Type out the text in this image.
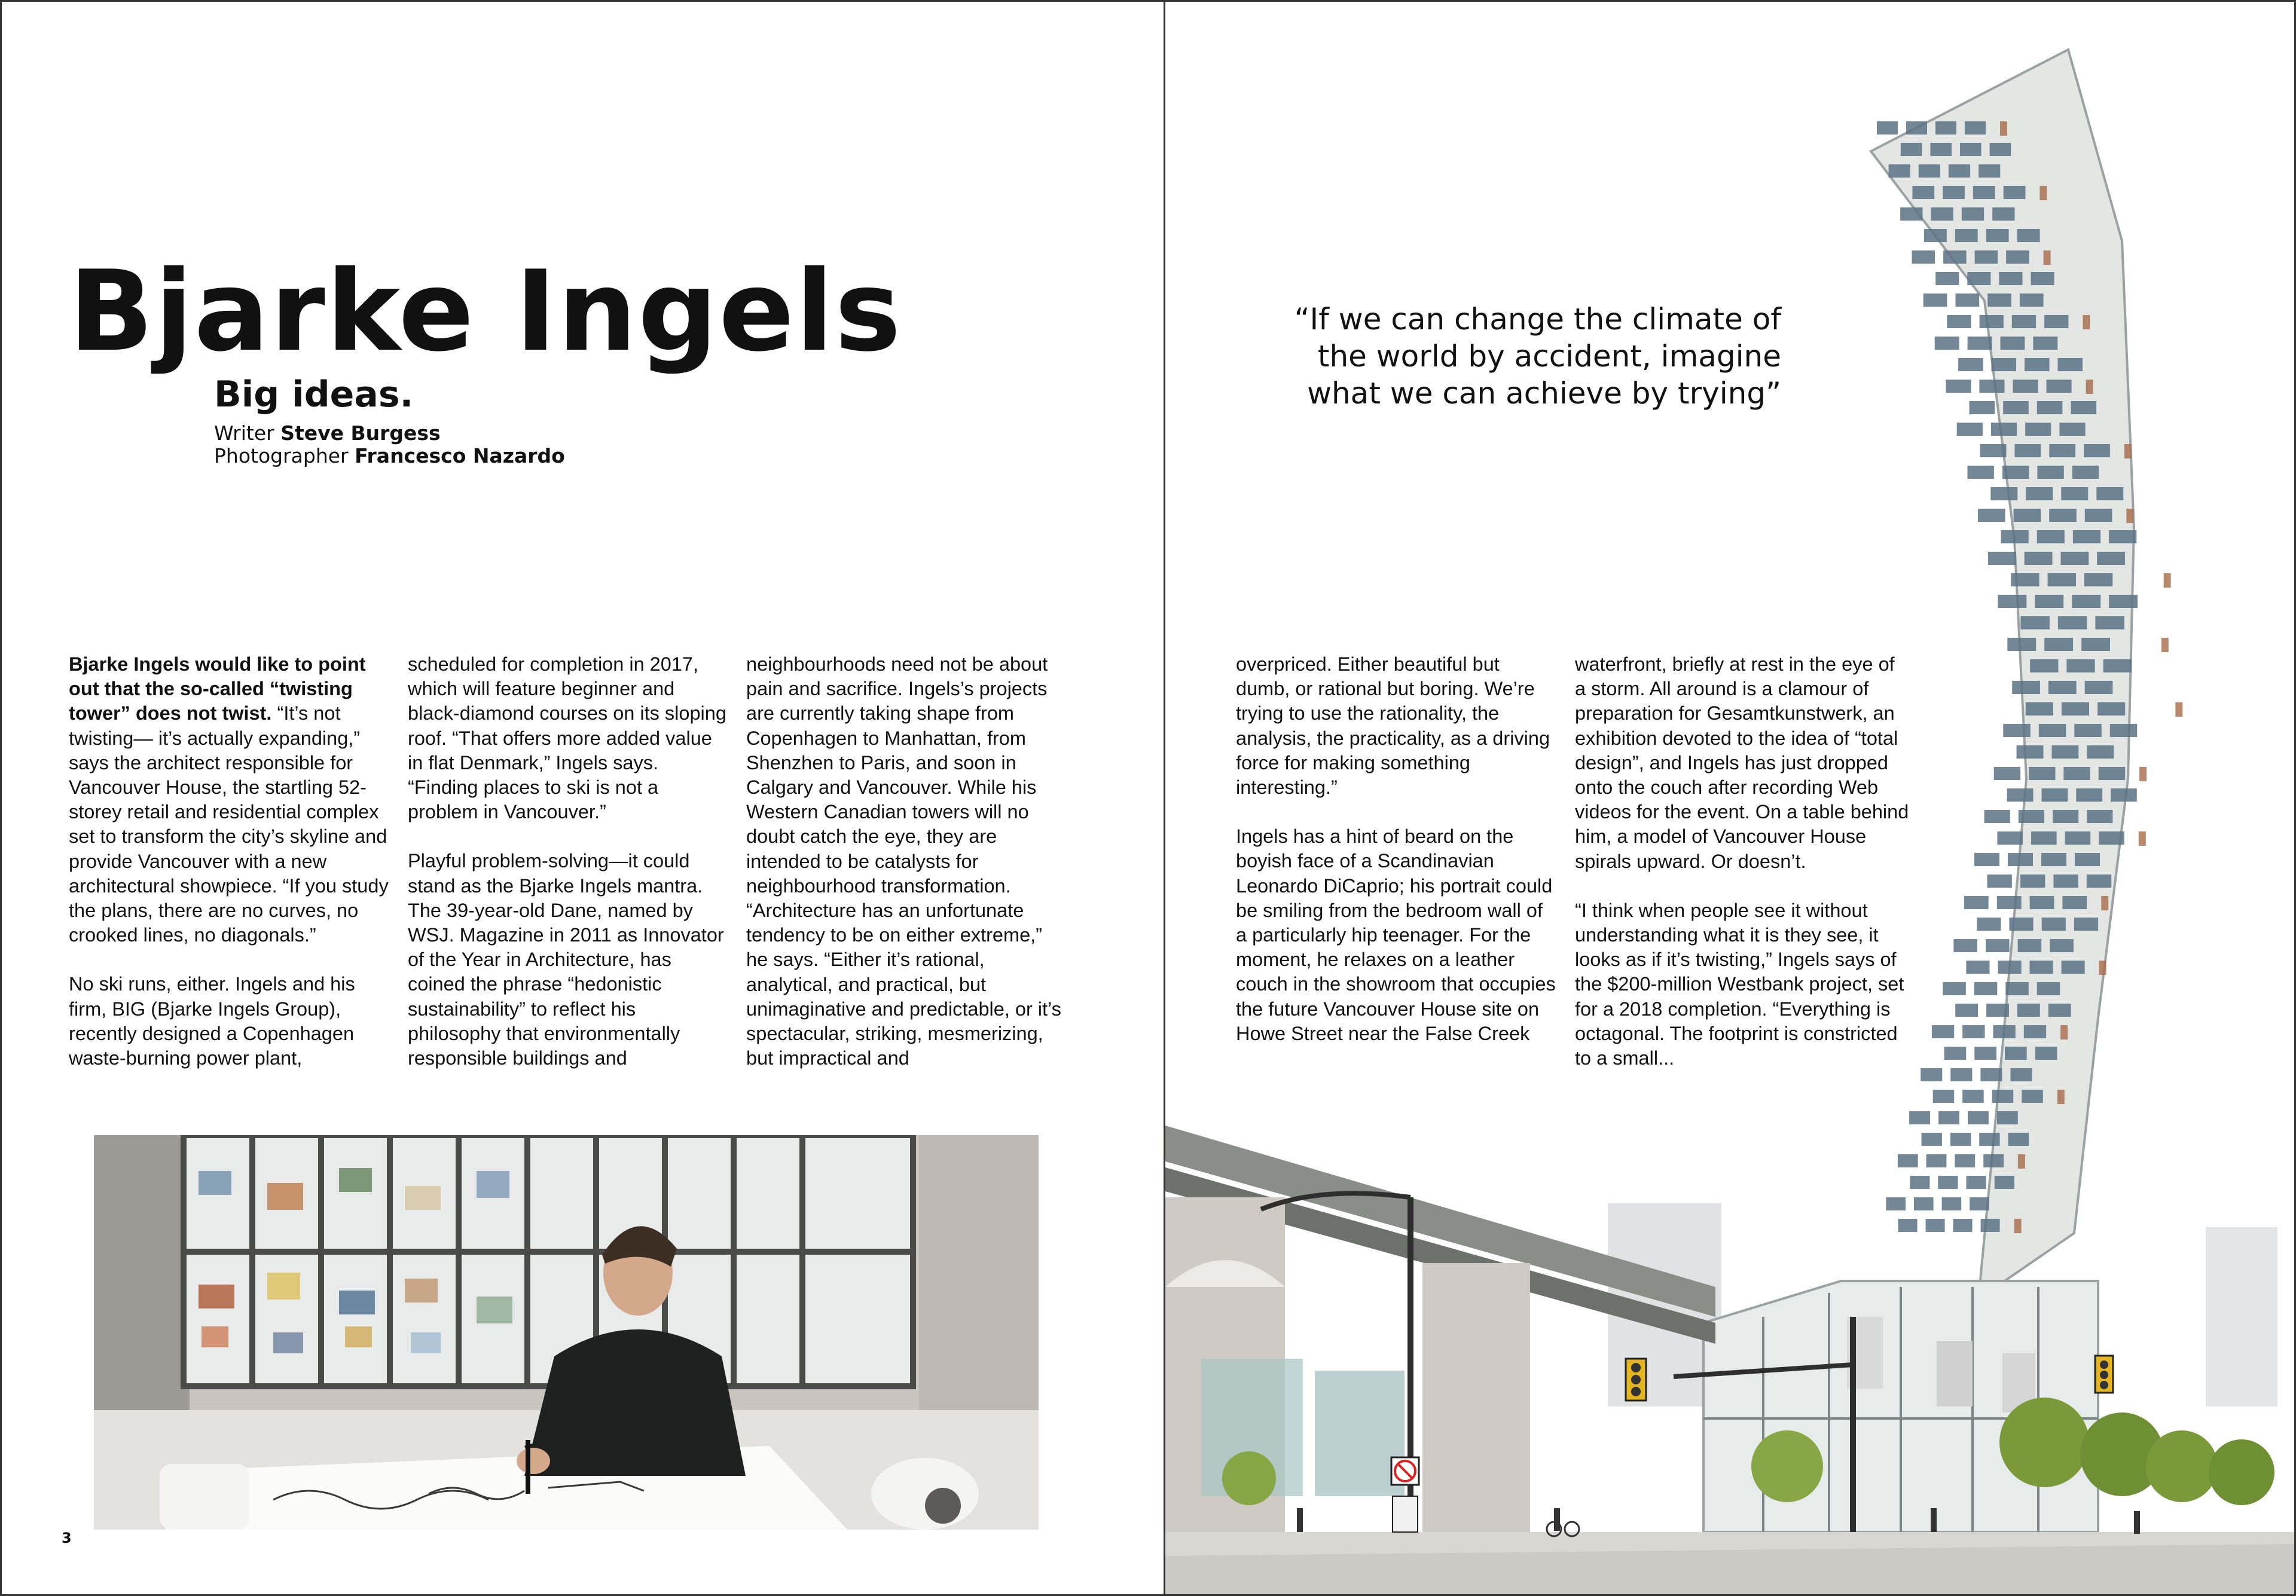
Bjarke Ingels
Big ideas.
Writer Steve Burgess
Photographer Francesco Nazardo

Bjarke Ingels would like to point out that the so-called “twisting tower” does not twist. “It’s not twisting— it’s actually expanding,” says the architect responsible for Vancouver House, the startling 52-storey retail and residential complex set to transform the city’s skyline and provide Vancouver with a new architectural showpiece. “If you study the plans, there are no curves, no crooked lines, no diagonals.”

No ski runs, either. Ingels and his firm, BIG (Bjarke Ingels Group), recently designed a Copenhagen waste-burning power plant,

scheduled for completion in 2017, which will feature beginner and black-diamond courses on its sloping roof. “That offers more added value in flat Denmark,” Ingels says. “Finding places to ski is not a problem in Vancouver.”

Playful problem-solving—it could stand as the Bjarke Ingels mantra. The 39-year-old Dane, named by WSJ. Magazine in 2011 as Innovator of the Year in Architecture, has coined the phrase “hedonistic sustainability” to reflect his philosophy that environmentally responsible buildings and

neighbourhoods need not be about pain and sacrifice. Ingels’s projects are currently taking shape from Copenhagen to Manhattan, from Shenzhen to Paris, and soon in Calgary and Vancouver. While his Western Canadian towers will no doubt catch the eye, they are intended to be catalysts for neighbourhood transformation. “Architecture has an unfortunate tendency to be on either extreme,” he says. “Either it’s rational, analytical, and practical, but unimaginative and predictable, or it’s spectacular, striking, mesmerizing, but impractical and

3
“If we can change the climate of
the world by accident, imagine
what we can achieve by trying”

overpriced. Either beautiful but dumb, or rational but boring. We’re trying to use the rationality, the analysis, the practicality, as a driving force for making something interesting.”

Ingels has a hint of beard on the boyish face of a Scandinavian Leonardo DiCaprio; his portrait could be smiling from the bedroom wall of a particularly hip teenager. For the moment, he relaxes on a leather couch in the showroom that occupies the future Vancouver House site on Howe Street near the False Creek

waterfront, briefly at rest in the eye of a storm. All around is a clamour of preparation for Gesamtkunstwerk, an exhibition devoted to the idea of “total design”, and Ingels has just dropped onto the couch after recording Web videos for the event. On a table behind him, a model of Vancouver House spirals upward. Or doesn’t.

“I think when people see it without understanding what it is they see, it looks as if it’s twisting,” Ingels says of the $200-million Westbank project, set for a 2018 completion. “Everything is octagonal. The footprint is constricted to a small...
